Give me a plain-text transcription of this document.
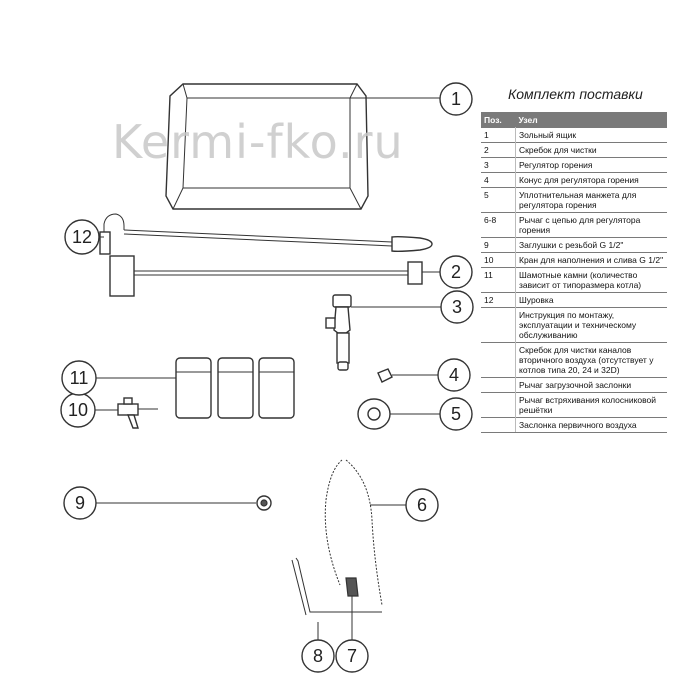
1
2
3
4
5
6
7
8
9
10
11
12
Kermi-fko.ru
Комплект поставки
Поз.	Узел
1	Зольный ящик
2	Скребок для чистки
3	Регулятор горения
4	Конус для регулятора горения
5	Уплотнительная манжета для регулятора горения
6-8	Рычаг с цепью для регулятора горения
9	Заглушки с резьбой G 1/2"
10	Кран для наполнения и слива G 1/2"
11	Шамотные камни (количество зависит от типоразмера котла)
12	Шуровка
	Инструкция по монтажу, эксплуатации и техническому обслуживанию
	Скребок для чистки каналов вторичного воздуха (отсутствует у котлов типа 20, 24 и 32D)
	Рычаг загрузочной заслонки
	Рычаг встряхивания колосниковой решётки
	Заслонка первичного воздуха
